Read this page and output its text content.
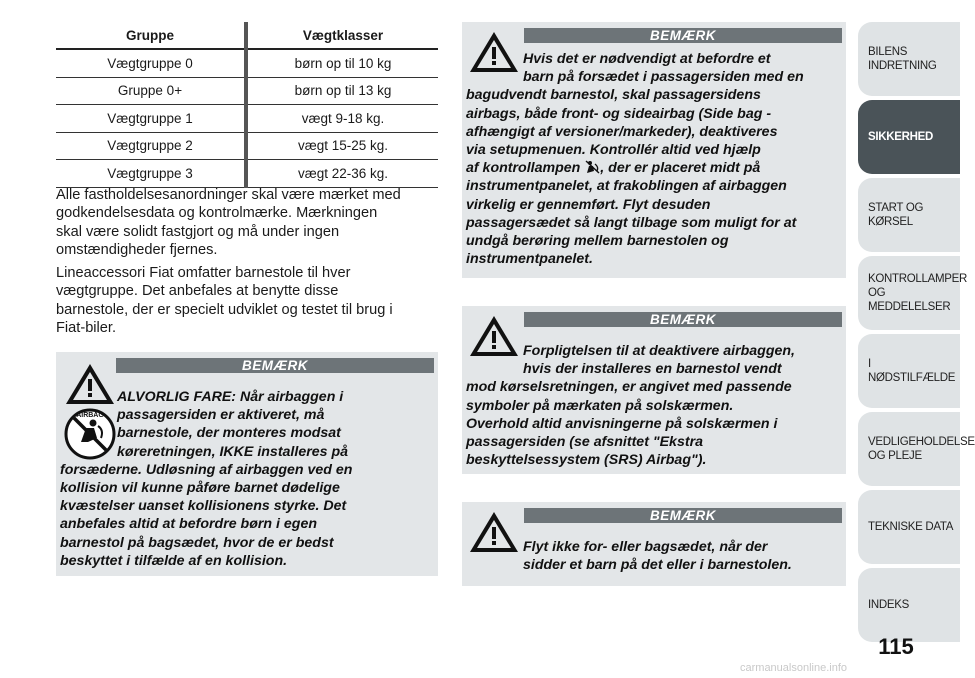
Gruppe	Vægtklasser
Vægtgruppe 0	børn op til 10 kg
Gruppe 0+	børn op til 13 kg
Vægtgruppe 1	vægt 9-18 kg.
Vægtgruppe 2	vægt 15-25 kg.
Vægtgruppe 3	vægt 22-36 kg.

Alle fastholdelsesanordninger skal være mærket med
godkendelsesdata og kontrolmærke. Mærkningen
skal være solidt fastgjort og må under ingen
omstændigheder fjernes.

Lineaccessori Fiat omfatter barnestole til hver
vægtgruppe. Det anbefales at benytte disse
barnestole, der er specielt udviklet og testet til brug i
Fiat-biler.

BEMÆRK
AIRBAG
ALVORLIG FARE: Når airbaggen i
passagersiden er aktiveret, må
barnestole, der monteres modsat
køreretningen, IKKE installeres på
forsæderne. Udløsning af airbaggen ved en
kollision vil kunne påføre barnet dødelige
kvæstelser uanset kollisionens styrke. Det
anbefales altid at befordre børn i egen
barnestol på bagsædet, hvor de er bedst
beskyttet i tilfælde af en kollision.
BEMÆRK
Hvis det er nødvendigt at befordre et
barn på forsædet i passagersiden med en
bagudvendt barnestol, skal passagersidens
airbags, både front- og sideairbag (Side bag -
afhængigt af versioner/markeder), deaktiveres
via setupmenuen. Kontrollér altid ved hjælp
af kontrollampen , der er placeret midt på
instrumentpanelet, at frakoblingen af airbaggen
virkelig er gennemført. Flyt desuden
passagersædet så langt tilbage som muligt for at
undgå berøring mellem barnestolen og
instrumentpanelet.
BEMÆRK
Forpligtelsen til at deaktivere airbaggen,
hvis der installeres en barnestol vendt
mod kørselsretningen, er angivet med passende
symboler på mærkaten på solskærmen.
Overhold altid anvisningerne på solskærmen i
passagersiden (se afsnittet "Ekstra
beskyttelsessystem (SRS) Airbag").
BEMÆRK
Flyt ikke for- eller bagsædet, når der
sidder et barn på det eller i barnestolen.
BILENS INDRETNING
SIKKERHED
START OG KØRSEL
KONTROLLAMPER
OG MEDDELELSER
I NØDSTILFÆLDE
VEDLIGEHOLDELSE
OG PLEJE
TEKNISKE DATA
INDEKS
115
carmanualsonline.info
